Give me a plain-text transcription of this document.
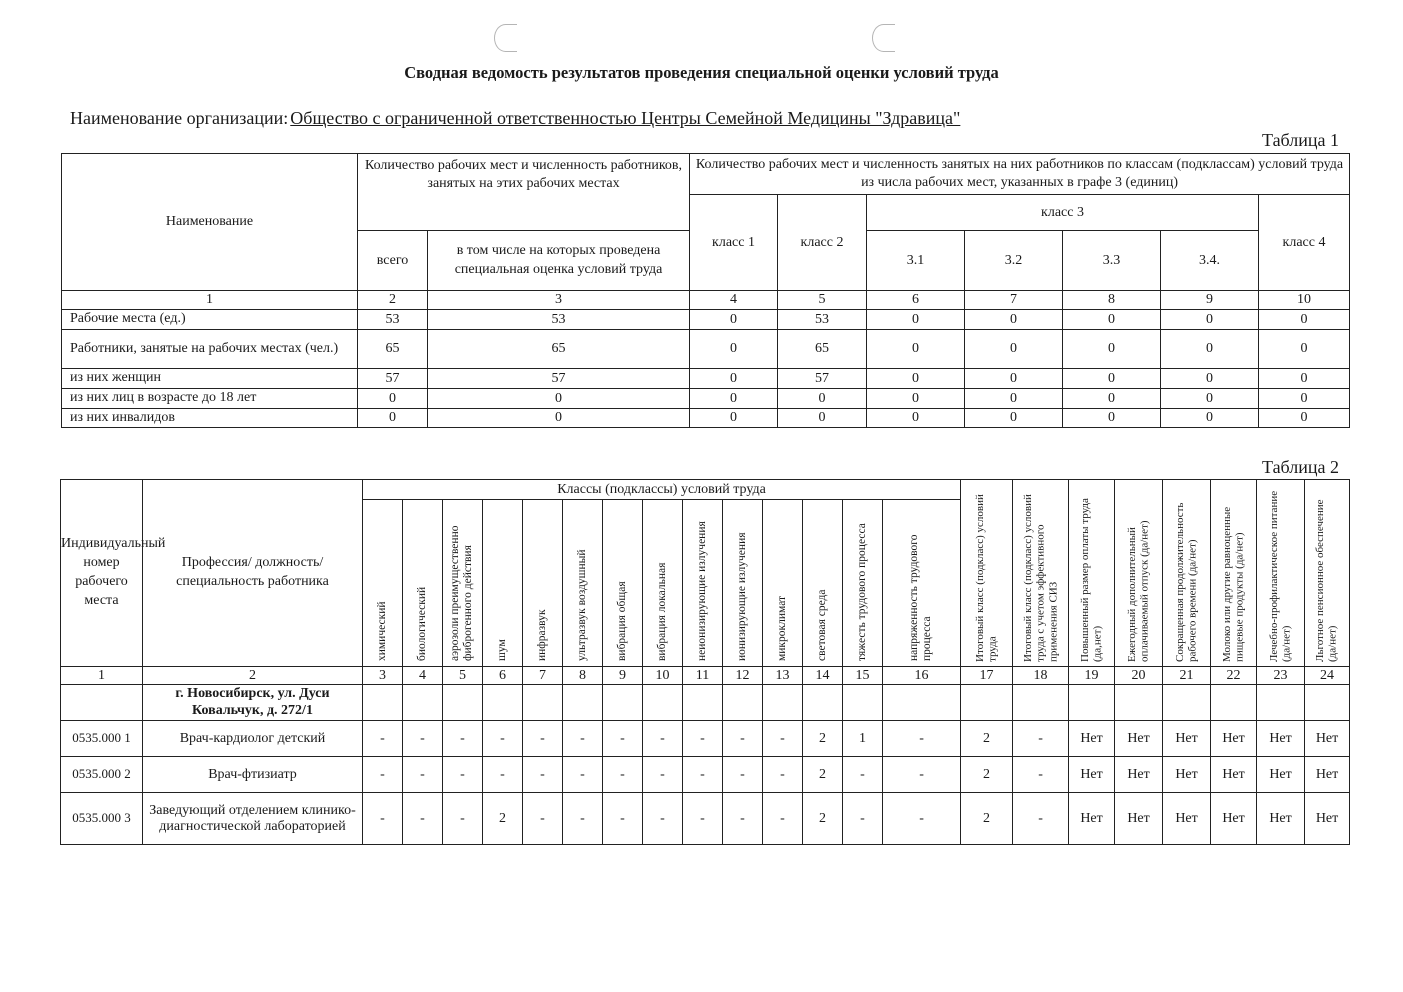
Сводная ведомость результатов проведения специальной оценки условий труда
Наименование организации: Общество с ограниченной ответственностью Центры Семейной Медицины "Здравица"
Таблица 1
Наименование	Количество рабочих мест и численность работников, занятых на этих рабочих местах		Количество рабочих мест и численность занятых на них работников по классам (подклассам) условий труда из числа рабочих мест, указанных в графе 3 (единиц)						
			класс 1	класс 2	класс 3				класс 4
	всего	в том числе на которых проведена специальная оценка условий труда			3.1	3.2	3.3	3.4.	
1	2	3	4	5	6	7	8	9	10
Рабочие места (ед.)	53	53	0	53	0	0	0	0	0
Работники, занятые на рабочих местах (чел.)	65	65	0	65	0	0	0	0	0
из них женщин	57	57	0	57	0	0	0	0	0
из них лиц в возрасте до 18 лет	0	0	0	0	0	0	0	0	0
из них инвалидов	0	0	0	0	0	0	0	0	0
Таблица 2
Индивидуальный номер рабочего места	Профессия/ должность/ специальность работника	Классы (подклассы) условий труда														Итоговый класс (подкласс) условий труда	Итоговый класс (подкласс) условий труда с учетом эффективного применения СИЗ	Повышенный размер оплаты труда (да,нет)	Ежегодный дополнительный оплачиваемый отпуск (да/нет)	Сокращенная продолжительность рабочего времени (да/нет)	Молоко или другие равноценные пищевые продукты (да/нет)	Лечебно-профилактическое питание (да/нет)	Льготное пенсионное обеспечение (да/нет)

		химический	биологический	аэрозоли преимущественно фиброгенного действия	шум	инфразвук	ультразвук воздушный	вибрация общая	вибрация локальная	неионизирующие излучения	ионизирующие излучения	микроклимат	световая среда	тяжесть трудового процесса	напряженность трудового процесса								

1	2	3	4	5	6	7	8	9	10	11	12	13	14	15	16	17	18	19	20	21	22	23	24
	г. Новосибирск, ул. Дуси Ковальчук, д. 272/1																						
0535.000 1	Врач-кардиолог детский	-	-	-	-	-	-	-	-	-	-	-	2	1	-	2	-	Нет	Нет	Нет	Нет	Нет	Нет
0535.000 2	Врач-фтизиатр	-	-	-	-	-	-	-	-	-	-	-	2	-	-	2	-	Нет	Нет	Нет	Нет	Нет	Нет
0535.000 3	Заведующий отделением клинико-диагностической лабораторией	-	-	-	2	-	-	-	-	-	-	-	2	-	-	2	-	Нет	Нет	Нет	Нет	Нет	Нет
